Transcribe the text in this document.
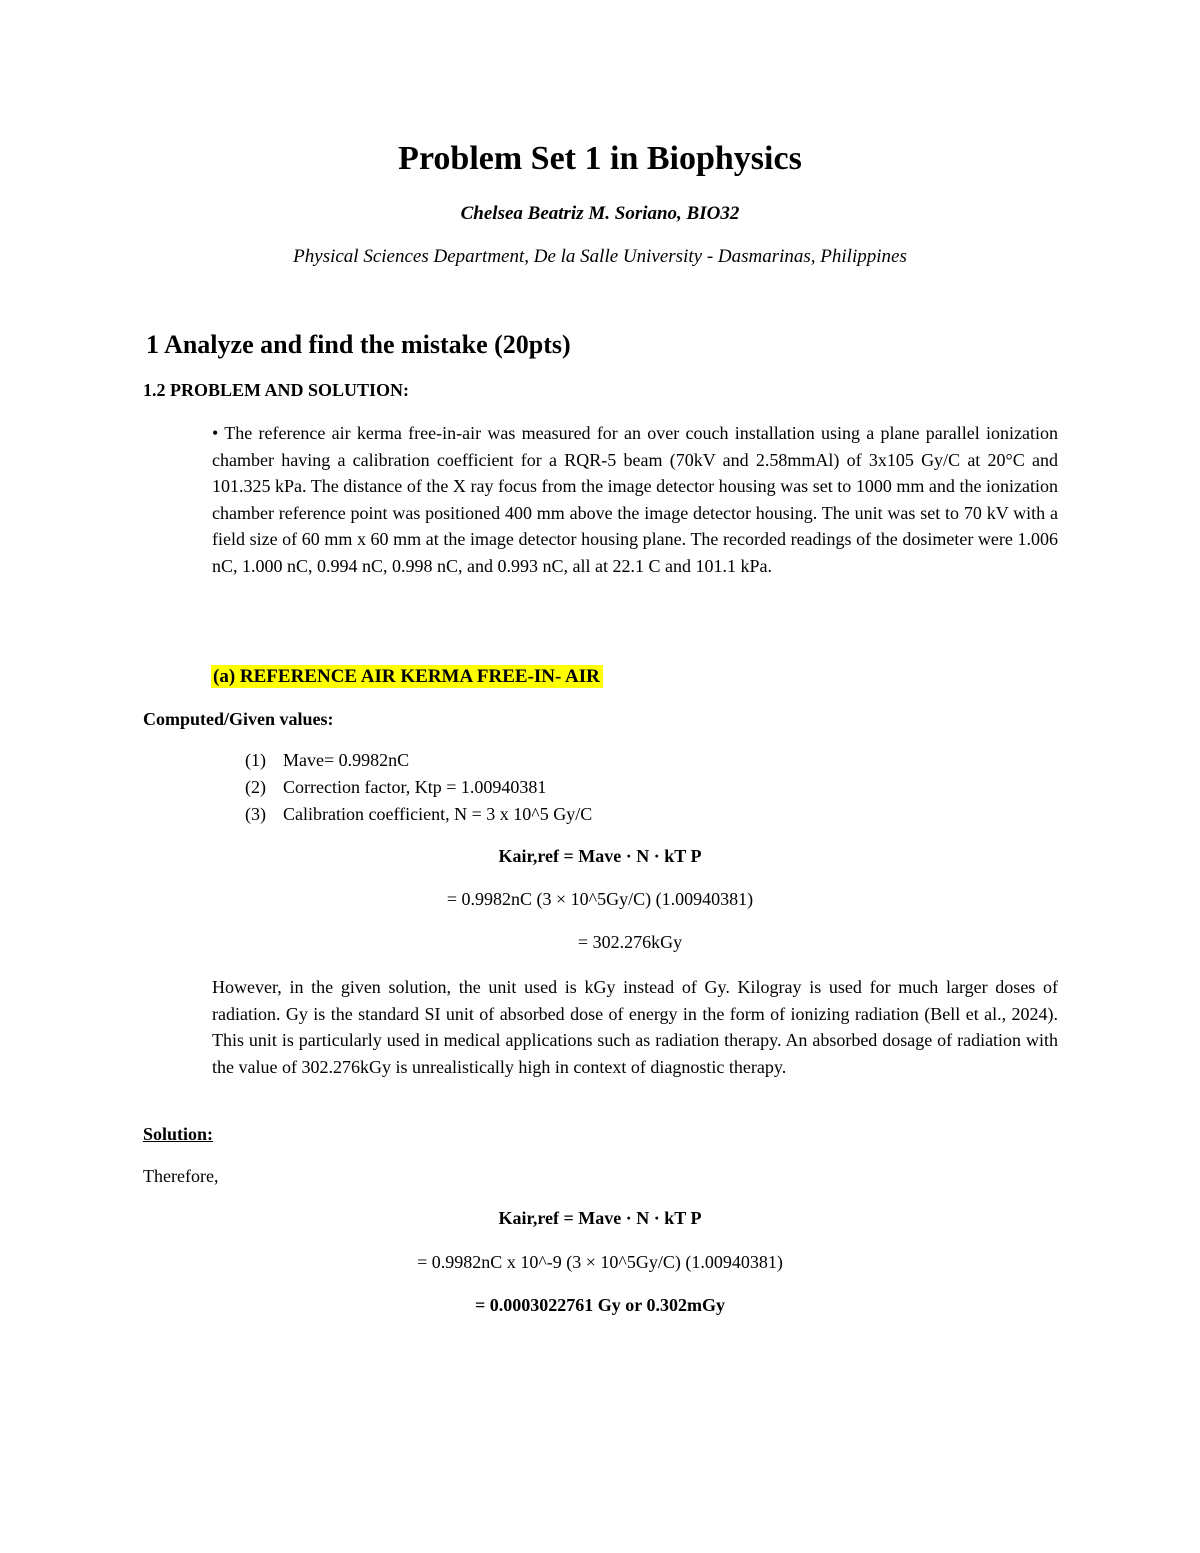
Problem Set 1 in Biophysics
Chelsea Beatriz M. Soriano, BIO32
Physical Sciences Department, De la Salle University - Dasmarinas, Philippines
1 Analyze and find the mistake (20pts)
1.2 PROBLEM AND SOLUTION:
• The reference air kerma free-in-air was measured for an over couch installation using a plane parallel ionization chamber having a calibration coefficient for a RQR-5 beam (70kV and 2.58mmAl) of 3x105 Gy/C at 20°C and 101.325 kPa. The distance of the X ray focus from the image detector housing was set to 1000 mm and the ionization chamber reference point was positioned 400 mm above the image detector housing. The unit was set to 70 kV with a field size of 60 mm x 60 mm at the image detector housing plane. The recorded readings of the dosimeter were 1.006 nC, 1.000 nC, 0.994 nC, 0.998 nC, and 0.993 nC, all at 22.1 C and 101.1 kPa.
(a) REFERENCE AIR KERMA FREE-IN- AIR
Computed/Given values:
(1) Mave= 0.9982nC
(2) Correction factor, Ktp = 1.00940381
(3) Calibration coefficient, N = 3 x 10^5 Gy/C
Kair,ref = Mave · N · kT P
= 0.9982nC (3 × 10^5Gy/C) (1.00940381)
= 302.276kGy
However, in the given solution, the unit used is kGy instead of Gy. Kilogray is used for much larger doses of radiation. Gy is the standard SI unit of absorbed dose of energy in the form of ionizing radiation (Bell et al., 2024). This unit is particularly used in medical applications such as radiation therapy. An absorbed dosage of radiation with the value of 302.276kGy is unrealistically high in context of diagnostic therapy.
Solution:
Therefore,
Kair,ref = Mave · N · kT P
= 0.9982nC x 10^-9 (3 × 10^5Gy/C) (1.00940381)
= 0.0003022761 Gy or 0.302mGy
